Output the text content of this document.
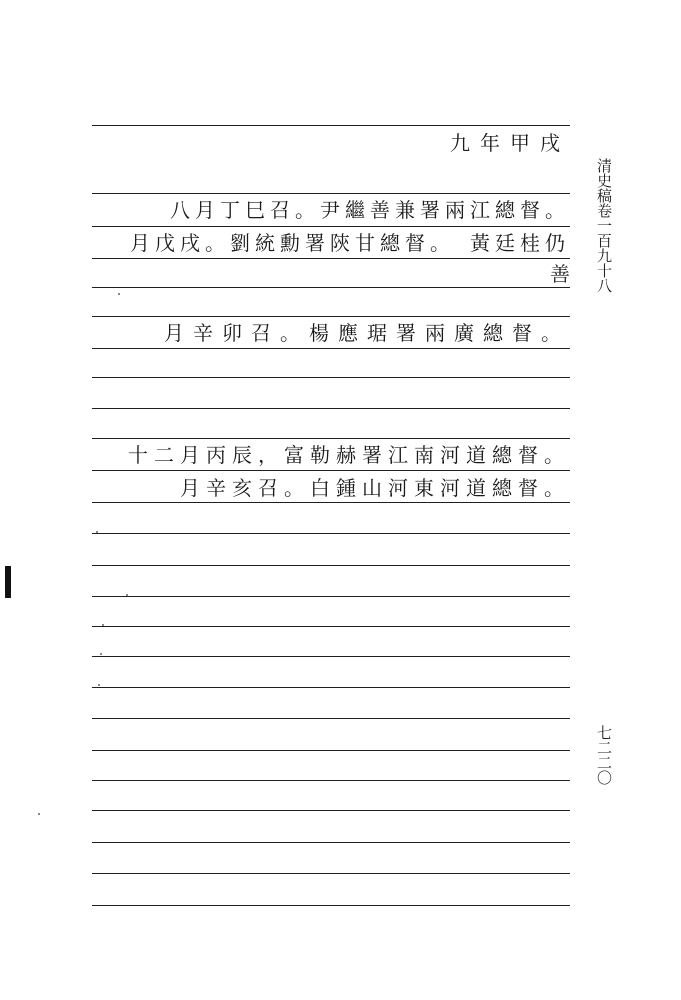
九年甲戌
八月丁巳召。尹繼善兼署兩江總督。
月戊戌。劉統勳署陝甘總督。　黃廷桂仍
善
月辛卯召。楊應琚署兩廣總督。
十二月丙辰，富勒赫署江南河道總督。
月辛亥召。白鍾山河東河道總督。
清史稿卷一百九十八
七二二〇
